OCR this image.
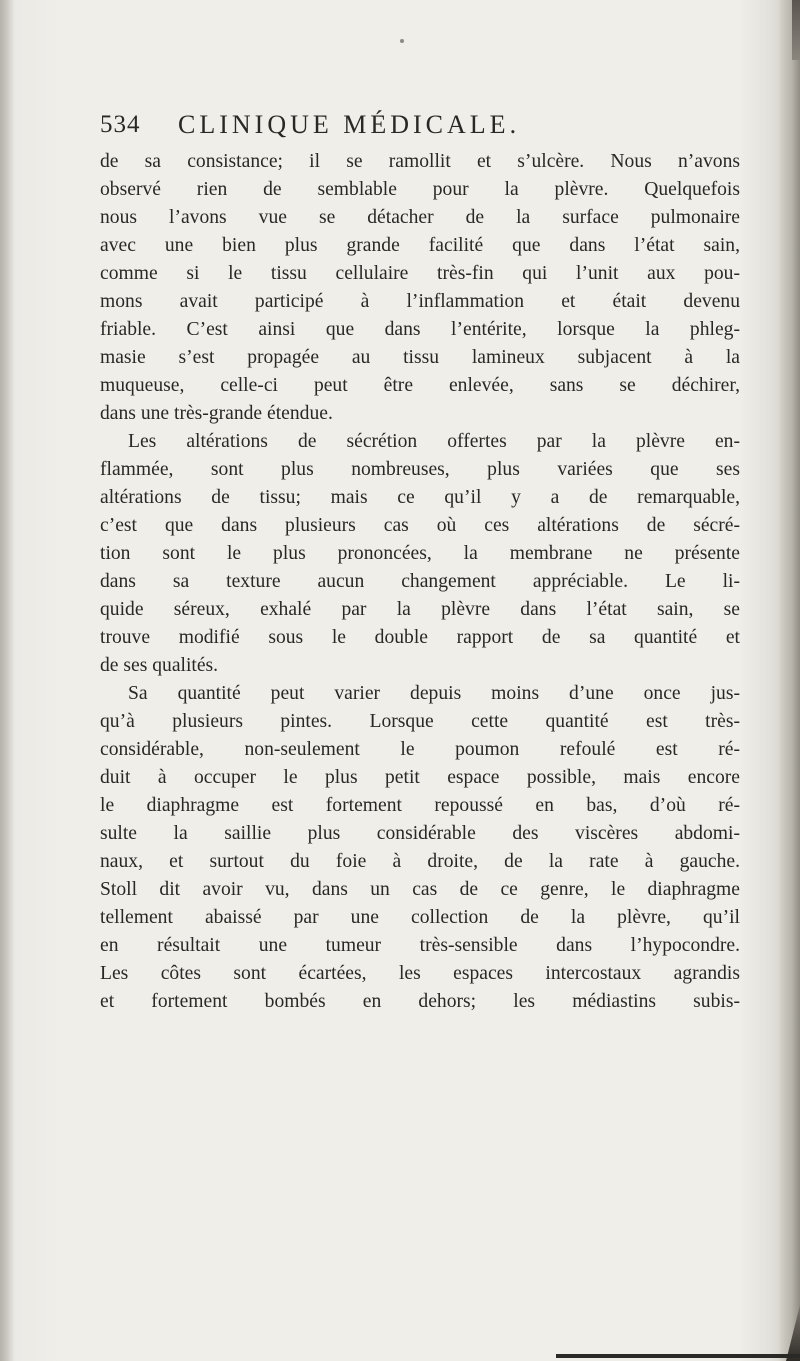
534 CLINIQUE MÉDICALE.
de sa consistance; il se ramollit et s’ulcère. Nous n’avons
observé rien de semblable pour la plèvre. Quelquefois
nous l’avons vue se détacher de la surface pulmonaire
avec une bien plus grande facilité que dans l’état sain,
comme si le tissu cellulaire très-fin qui l’unit aux pou-
mons avait participé à l’inflammation et était devenu
friable. C’est ainsi que dans l’entérite, lorsque la phleg-
masie s’est propagée au tissu lamineux subjacent à la
muqueuse, celle-ci peut être enlevée, sans se déchirer,
dans une très-grande étendue.
Les altérations de sécrétion offertes par la plèvre en-
flammée, sont plus nombreuses, plus variées que ses
altérations de tissu; mais ce qu’il y a de remarquable,
c’est que dans plusieurs cas où ces altérations de sécré-
tion sont le plus prononcées, la membrane ne présente
dans sa texture aucun changement appréciable. Le li-
quide séreux, exhalé par la plèvre dans l’état sain, se
trouve modifié sous le double rapport de sa quantité et
de ses qualités.
Sa quantité peut varier depuis moins d’une once jus-
qu’à plusieurs pintes. Lorsque cette quantité est très-
considérable, non-seulement le poumon refoulé est ré-
duit à occuper le plus petit espace possible, mais encore
le diaphragme est fortement repoussé en bas, d’où ré-
sulte la saillie plus considérable des viscères abdomi-
naux, et surtout du foie à droite, de la rate à gauche.
Stoll dit avoir vu, dans un cas de ce genre, le diaphragme
tellement abaissé par une collection de la plèvre, qu’il
en résultait une tumeur très-sensible dans l’hypocondre.
Les côtes sont écartées, les espaces intercostaux agrandis
et fortement bombés en dehors; les médiastins subis-
